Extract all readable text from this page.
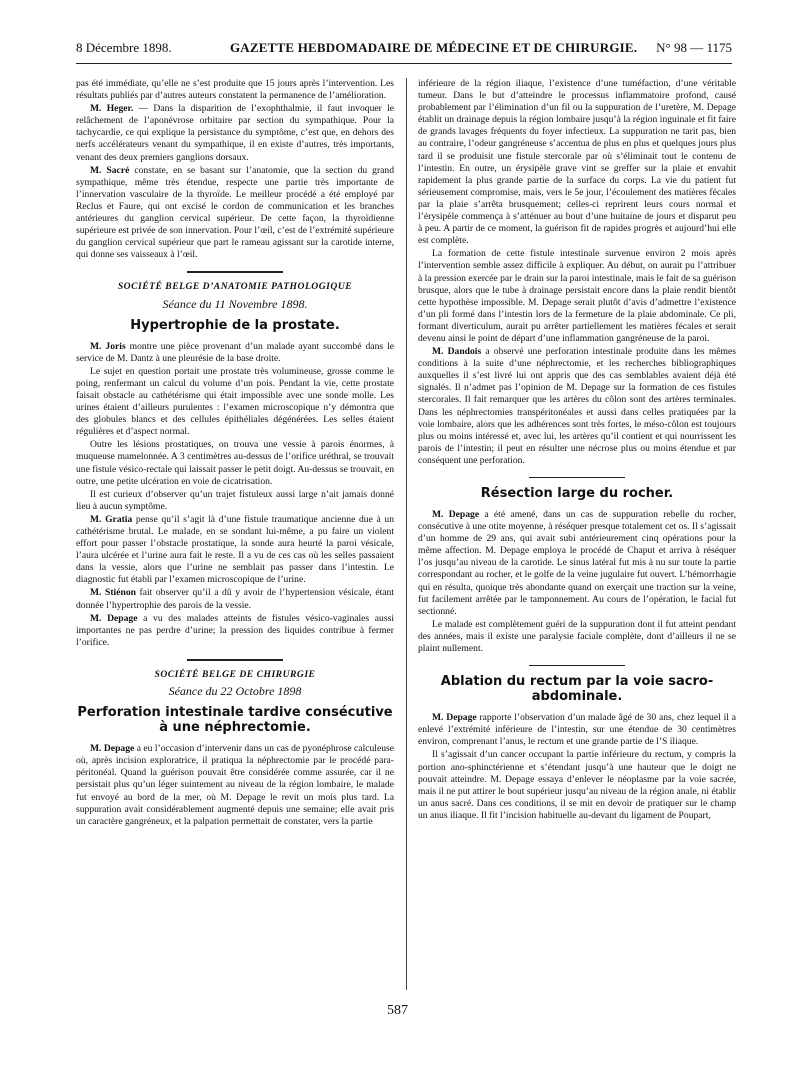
8 Décembre 1898.	GAZETTE HEBDOMADAIRE DE MÉDECINE ET DE CHIRURGIE. N° 98 — 1175

pas été immédiate, qu’elle ne s’est produite que 15 jours après l’intervention. Les résultats publiés par d’autres auteurs constatent la permanence de l’amélioration.

M. Heger. — Dans la disparition de l’exophthalmie, il faut invoquer le relâchement de l’aponévrose orbitaire par section du sympathique. Pour la tachycardie, ce qui explique la persistance du symptôme, c’est que, en dehors des nerfs accélérateurs venant du sympathique, il en existe d’autres, très importants, venant des deux premiers ganglions dorsaux.

M. Sacré constate, en se basant sur l’anatomie, que la section du grand sympathique, même très étendue, respecte une partie très importante de l’innervation vasculaire de la thyroïde. Le meilleur procédé a été employé par Reclus et Faure, qui ont excisé le cordon de communication et les branches antérieures du ganglion cervical supérieur. De cette façon, la thyroïdienne supérieure est privée de son innervation. Pour l’œil, c’est de l’extrémité supérieure du ganglion cervical supérieur que part le rameau agissant sur la carotide interne, qui donne ses vaisseaux à l’œil.

SOCIÉTÉ BELGE D’ANATOMIE PATHOLOGIQUE
Séance du 11 Novembre 1898.
Hypertrophie de la prostate.

M. Joris montre une pièce provenant d’un malade ayant succombé dans le service de M. Dantz à une pleurésie de la base droite.

Le sujet en question portait une prostate très volumineuse, grosse comme le poing, renfermant un calcul du volume d’un pois. Pendant la vie, cette prostate faisait obstacle au cathétérisme qui était impossible avec une sonde molle. Les urines étaient d’ailleurs purulentes : l’examen microscopique n’y démontra que des globules blancs et des cellules épithéliales dégénérées. Les selles étaient régulières et d’aspect normal.

Outre les lésions prostatiques, on trouva une vessie à parois énormes, à muqueuse mamelonnée. A 3 centimètres au-dessus de l’orifice uréthral, se trouvait une fistule vésico-rectale qui laissait passer le petit doigt. Au-dessus se trouvait, en outre, une petite ulcération en voie de cicatrisation.

Il est curieux d’observer qu’un trajet fistuleux aussi large n’ait jamais donné lieu à aucun symptôme.

M. Gratia pense qu’il s’agit là d’une fistule traumatique ancienne due à un cathétérisme brutal. Le malade, en se sondant lui-même, a pu faire un violent effort pour passer l’obstacle prostatique, la sonde aura heurté la paroi vésicale, l’aura ulcérée et l’urine aura fait le reste. Il a vu de ces cas où les selles passaient dans la vessie, alors que l’urine ne semblait pas passer dans l’intestin. Le diagnostic fut établi par l’examen microscopique de l’urine.

M. Stiénon fait observer qu’il a dû y avoir de l’hypertension vésicale, étant donnée l’hypertrophie des parois de la vessie.

M. Depage a vu des malades atteints de fistules vésico-vaginales aussi importantes ne pas perdre d’urine; la pression des liquides contribue à fermer l’orifice.

SOCIÉTÉ BELGE DE CHIRURGIE
Séance du 22 Octobre 1898
Perforation intestinale tardive consécutive à une néphrectomie.

M. Depage a eu l’occasion d’intervenir dans un cas de pyonéphrose calculeuse où, après incision exploratrice, il pratiqua la néphrectomie par le procédé para-péritonéal. Quand la guérison pouvait être considérée comme assurée, car il ne persistait plus qu’un léger suintement au niveau de la région lombaire, le malade fut envoyé au bord de la mer, où M. Depage le revit un mois plus tard. La suppuration avait considérablement augmenté depuis une semaine; elle avait pris un caractère gangréneux, et la palpation permettait de constater, vers la partie

inférieure de la région iliaque, l’existence d’une tuméfaction, d’une véritable tumeur. Dans le but d’atteindre le processus inflammatoire profond, causé probablement par l’élimination d’un fil ou la suppuration de l’uretère, M. Depage établit un drainage depuis la région lombaire jusqu’à la région inguinale et fit faire de grands lavages fréquents du foyer infectieux. La suppuration ne tarit pas, bien au contraire, l’odeur gangréneuse s’accentua de plus en plus et quelques jours plus tard il se produisit une fistule stercorale par où s’éliminait tout le contenu de l’intestin. En outre, un érysipèle grave vint se greffer sur la plaie et envahit rapidement la plus grande partie de la surface du corps. La vie du patient fut sérieusement compromise, mais, vers le 5e jour, l’écoulement des matières fécales par la plaie s’arrêta brusquement; celles-ci reprirent leurs cours normal et l’érysipèle commença à s’atténuer au bout d’une huitaine de jours et disparut peu à peu. A partir de ce moment, la guérison fit de rapides progrès et aujourd’hui elle est complète.

La formation de cette fistule intestinale survenue environ 2 mois après l’intervention semble assez difficile à expliquer. Au début, on aurait pu l’attribuer à la pression exercée par le drain sur la paroi intestinale, mais le fait de sa guérison brusque, alors que le tube à drainage persistait encore dans la plaie rendit bientôt cette hypothèse impossible. M. Depage serait plutôt d’avis d’admettre l’existence d’un pli formé dans l’intestin lors de la fermeture de la plaie abdominale. Ce pli, formant diverticulum, aurait pu arrêter partiellement les matières fécales et serait devenu ainsi le point de départ d’une inflammation gangréneuse de la paroi.

M. Dandois a observé une perforation intestinale produite dans les mêmes conditions à la suite d’une néphrectomie, et les recherches bibliographiques auxquelles il s’est livré lui ont appris que des cas semblables avaient déjà été signalés. Il n’admet pas l’opinion de M. Depage sur la formation de ces fistules stercorales. Il fait remarquer que les artères du côlon sont des artères terminales. Dans les néphrectomies transpéritonéales et aussi dans celles pratiquées par la voie lombaire, alors que les adhérences sont très fortes, le méso-côlon est toujours plus ou moins intéressé et, avec lui, les artères qu’il contient et qui nourrissent les parois de l’intestin; il peut en résulter une nécrose plus ou moins étendue et par conséquent une perforation.

Résection large du rocher.

M. Depage a été amené, dans un cas de suppuration rebelle du rocher, consécutive à une otite moyenne, à réséquer presque totalement cet os. Il s’agissait d’un homme de 29 ans, qui avait subi antérieurement cinq opérations pour la même affection. M. Depage employa le procédé de Chaput et arriva à réséquer l’os jusqu’au niveau de la carotide. Le sinus latéral fut mis à nu sur toute la partie correspondant au rocher, et le golfe de la veine jugulaire fut ouvert. L’hémorrhagie qui en résulta, quoique très abondante quand on exerçait une traction sur la veine, fut facilement arrêtée par le tamponnement. Au cours de l’opération, le facial fut sectionné.

Le malade est complètement guéri de la suppuration dont il fut atteint pendant des années, mais il existe une paralysie faciale complète, dont d’ailleurs il ne se plaint nullement.

Ablation du rectum par la voie sacro-abdominale.

M. Depage rapporte l’observation d’un malade âgé de 30 ans, chez lequel il a enlevé l’extrémité inférieure de l’intestin, sur une étendue de 30 centimètres environ, comprenant l’anus, le rectum et une grande partie de l’S iliaque.

Il s’agissait d’un cancer occupant la partie inférieure du rectum, y compris la portion ano-sphinctérienne et s’étendant jusqu’à une hauteur que le doigt ne pouvait atteindre. M. Depage essaya d’enlever le néoplasme par la voie sacrée, mais il ne put attirer le bout supérieur jusqu’au niveau de la région anale, ni établir un anus sacré. Dans ces conditions, il se mit en devoir de pratiquer sur le champ un anus iliaque. Il fit l’incision habituelle au-devant du ligament de Poupart,

587
